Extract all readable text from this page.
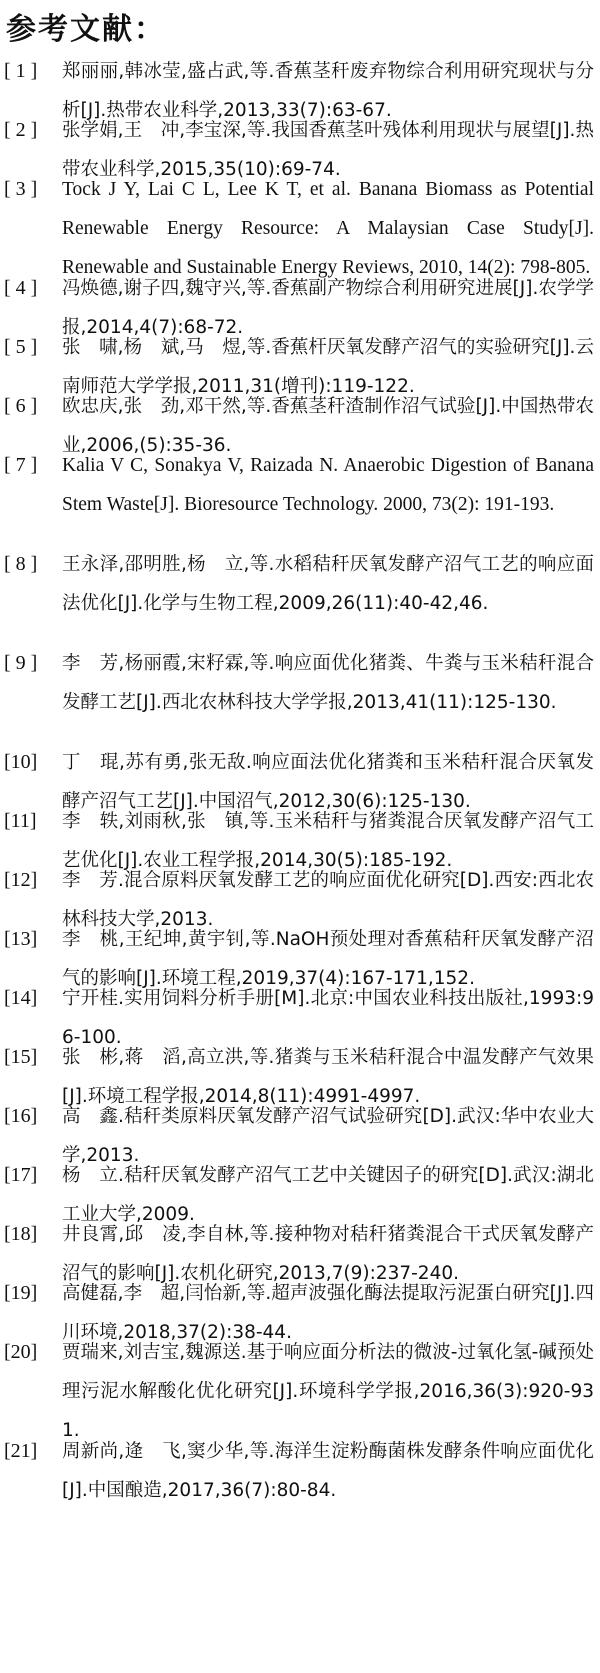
参考文献：
[ 1 ]	郑丽丽,韩冰莹,盛占武,等.香蕉茎秆废弃物综合利用研究现状与分析[J].热带农业科学,2013,33(7):63-67.
[ 2 ]	张学娟,王　冲,李宝深,等.我国香蕉茎叶残体利用现状与展望[J].热带农业科学,2015,35(10):69-74.
[ 3 ]	Tock J Y, Lai C L, Lee K T, et al. Banana Biomass as Potential Renewable Energy Resource: A Malaysian Case Study[J]. Renewable and Sustainable Energy Reviews, 2010, 14(2): 798-805.
[ 4 ]	冯焕德,谢子四,魏守兴,等.香蕉副产物综合利用研究进展[J].农学学报,2014,4(7):68-72.
[ 5 ]	张　啸,杨　斌,马　煜,等.香蕉杆厌氧发酵产沼气的实验研究[J].云南师范大学学报,2011,31(增刊):119-122.
[ 6 ]	欧忠庆,张　劲,邓干然,等.香蕉茎秆渣制作沼气试验[J].中国热带农业,2006,(5):35-36.
[ 7 ]	Kalia V C, Sonakya V, Raizada N. Anaerobic Digestion of Banana Stem Waste[J]. Bioresource Technology. 2000, 73(2): 191-193.
[ 8 ]	王永泽,邵明胜,杨　立,等.水稻秸秆厌氧发酵产沼气工艺的响应面法优化[J].化学与生物工程,2009,26(11):40-42,46.
[ 9 ]	李　芳,杨丽霞,宋籽霖,等.响应面优化猪粪、牛粪与玉米秸秆混合发酵工艺[J].西北农林科技大学学报,2013,41(11):125-130.
[10]	丁　琨,苏有勇,张无敌.响应面法优化猪粪和玉米秸秆混合厌氧发酵产沼气工艺[J].中国沼气,2012,30(6):125-130.
[11]	李　轶,刘雨秋,张　镇,等.玉米秸秆与猪粪混合厌氧发酵产沼气工艺优化[J].农业工程学报,2014,30(5):185-192.
[12]	李　芳.混合原料厌氧发酵工艺的响应面优化研究[D].西安:西北农林科技大学,2013.
[13]	李　桃,王纪坤,黄宇钊,等.NaOH预处理对香蕉秸秆厌氧发酵产沼气的影响[J].环境工程,2019,37(4):167-171,152.
[14]	宁开桂.实用饲料分析手册[M].北京:中国农业科技出版社,1993:96-100.
[15]	张　彬,蒋　滔,高立洪,等.猪粪与玉米秸秆混合中温发酵产气效果[J].环境工程学报,2014,8(11):4991-4997.
[16]	高　鑫.秸秆类原料厌氧发酵产沼气试验研究[D].武汉:华中农业大学,2013.
[17]	杨　立.秸秆厌氧发酵产沼气工艺中关键因子的研究[D].武汉:湖北工业大学,2009.
[18]	井良霄,邱　凌,李自林,等.接种物对秸秆猪粪混合干式厌氧发酵产沼气的影响[J].农机化研究,2013,7(9):237-240.
[19]	高健磊,李　超,闫怡新,等.超声波强化酶法提取污泥蛋白研究[J].四川环境,2018,37(2):38-44.
[20]	贾瑞来,刘吉宝,魏源送.基于响应面分析法的微波-过氧化氢-碱预处理污泥水解酸化优化研究[J].环境科学学报,2016,36(3):920-931.
[21]	周新尚,逄　飞,窦少华,等.海洋生淀粉酶菌株发酵条件响应面优化[J].中国酿造,2017,36(7):80-84.
